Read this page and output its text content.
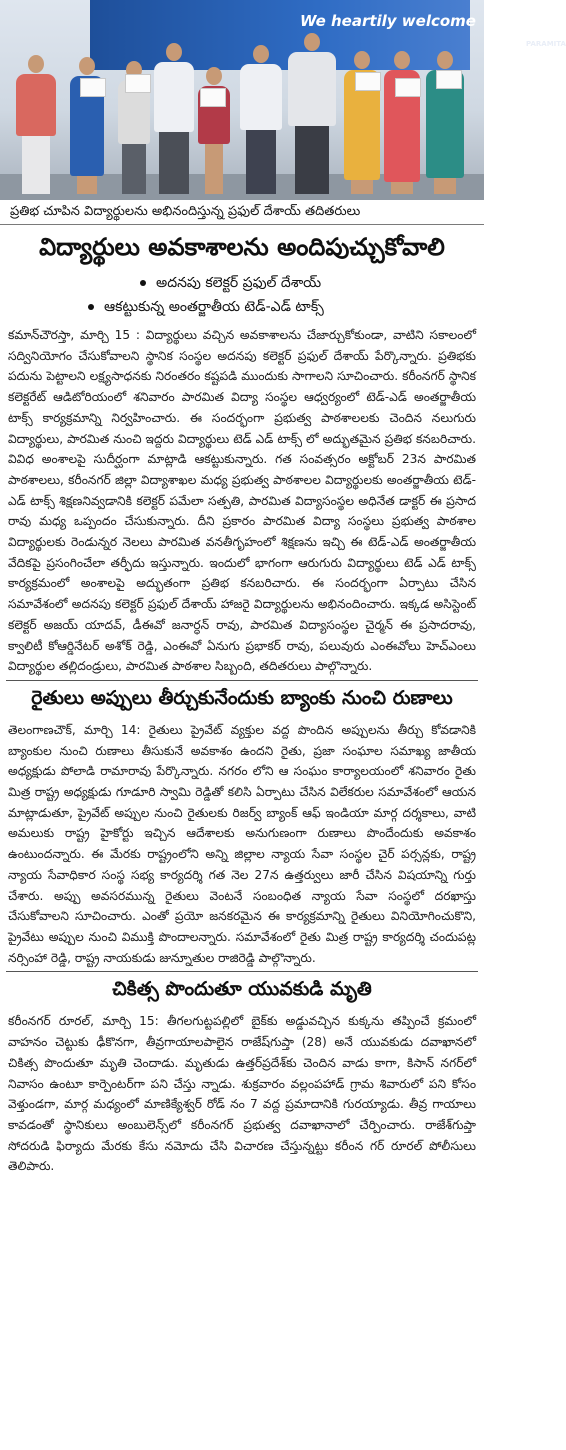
TEDx Talks
We heartily welcome
PARAMITA
ప్రతిభ చూపిన విద్యార్థులను అభినందిస్తున్న ప్రఫుల్ దేశాయ్ తదితరులు
విద్యార్థులు అవకాశాలను అందిపుచ్చుకోవాలి
అదనపు కలెక్టర్ ప్రఫుల్ దేశాయ్
ఆకట్టుకున్న అంతర్జాతీయ టెడ్-ఎడ్ టాక్స్
కమాన్‌చౌరస్తా, మార్చి 15 : విద్యార్థులు వచ్చిన అవకాశాలను చేజార్చుకోకుండా, వాటిని సకాలంలో సద్వినియోగం చేసుకోవాలని స్థానిక సంస్థల అదనపు కలెక్టర్ ప్రఫుల్ దేశాయ్ పేర్కొన్నారు. ప్రతిభకు పదును పెట్టాలని లక్ష్యసాధనకు నిరంతరం కష్టపడి ముందుకు సాగాలని సూచించారు. కరీంనగర్ స్థానిక కలెక్టరేట్ ఆడిటోరియంలో శనివారం పారమిత విద్యా సంస్థల ఆధ్వర్యంలో టెడ్-ఎడ్ అంతర్జాతీయ టాక్స్ కార్యక్రమాన్ని నిర్వహించారు. ఈ సందర్భంగా ప్రభుత్వ పాఠశాలలకు చెందిన నలుగురు విద్యార్థులు, పారమిత నుంచి ఇద్దరు విద్యార్థులు టెడ్ ఎడ్ టాక్స్ లో అద్భుతమైన ప్రతిభ కనబరిచారు. వివిధ అంశాలపై సుదీర్ఘంగా మాట్లాడి ఆకట్టుకున్నారు. గత సంవత్సరం అక్టోబర్ 23న పారమిత పాఠశాలలు, కరీంనగర్ జిల్లా విద్యాశాఖల మధ్య ప్రభుత్వ పాఠశాలల విద్యార్థులకు అంతర్జాతీయ టెడ్-ఎడ్ టాక్స్ శిక్షణనివ్వడానికి కలెక్టర్ పమేలా సత్పతి, పారమిత విద్యాసంస్థల అధినేత డాక్టర్ ఈ ప్రసాద రావు మధ్య ఒప్పందం చేసుకున్నారు. దీని ప్రకారం పారమిత విద్యా సంస్థలు ప్రభుత్వ పాఠశాల విద్యార్థులకు రెండున్నర నెలలు పారమిత వనతీగృహంలో శిక్షణను ఇచ్చి ఈ టెడ్-ఎడ్ అంతర్జాతీయ వేదికపై ప్రసంగించేలా తర్ఫీదు ఇస్తున్నారు. ఇందులో భాగంగా ఆరుగురు విద్యార్థులు టెడ్ ఎడ్ టాక్స్ కార్యక్రమంలో అంశాలపై అద్భుతంగా ప్రతిభ కనబరిచారు. ఈ సందర్భంగా ఏర్పాటు చేసిన సమావేశంలో అదనపు కలెక్టర్ ప్రఫుల్ దేశాయ్ హాజరై విద్యార్థులను అభినందించారు. ఇక్కడ అసిస్టెంట్ కలెక్టర్ అజయ్ యాదవ్, డీఈవో జనార్ధన్ రావు, పారమిత విద్యాసంస్థల చైర్మన్ ఈ ప్రసాదరావు, క్వాలిటీ కోఆర్డినేటర్ అశోక్ రెడ్డి, ఎంఈవో ఏనుగు ప్రభాకర్ రావు, పలువురు ఎంఈవోలు హెచ్‌ఎంలు విద్యార్థుల తల్లిదండ్రులు, పారమిత పాఠశాల సిబ్బంది, తదితరులు పాల్గొన్నారు.
రైతులు అప్పులు తీర్చుకునేందుకు బ్యాంకు నుంచి రుణాలు
తెలంగాణచౌక్, మార్చి 14: రైతులు ప్రైవేట్ వ్యక్తుల వద్ద పొందిన అప్పులను తీర్చు కోవడానికి బ్యాంకుల నుంచి రుణాలు తీసుకునే అవకాశం ఉందని రైతు, ప్రజా సంఘాల సమాఖ్య జాతీయ అధ్యక్షుడు పోలాడి రామారావు పేర్కొన్నారు. నగరం లోని ఆ సంఘం కార్యాలయంలో శనివారం రైతు మిత్ర రాష్ట్ర అధ్యక్షుడు గూడూరి స్వామి రెడ్డితో కలిసి ఏర్పాటు చేసిన విలేకరుల సమావేశంలో ఆయన మాట్లాడుతూ, ప్రైవేట్ అప్పుల నుంచి రైతులకు రిజర్వ్ బ్యాంక్ ఆఫ్ ఇండియా మార్గ దర్శకాలు, వాటి అమలుకు రాష్ట్ర హైకోర్టు ఇచ్చిన ఆదేశాలకు అనుగుణంగా రుణాలు పొందేందుకు అవకాశం ఉంటుందన్నారు. ఈ మేరకు రాష్ట్రంలోని అన్ని జిల్లాల న్యాయ సేవా సంస్థల చైర్ పర్సన్లకు, రాష్ట్ర న్యాయ సేవాధికార సంస్థ సభ్య కార్యదర్శి గత నెల 27న ఉత్తర్వులు జారీ చేసిన విషయాన్ని గుర్తు చేశారు. అప్పు అవసరమున్న రైతులు వెంటనే సంబంధిత న్యాయ సేవా సంస్థలో దరఖాస్తు చేసుకోవాలని సూచించారు. ఎంతో ప్రయో జనకరమైన ఈ కార్యక్రమాన్ని రైతులు వినియోగించుకొని, ప్రైవేటు అప్పుల నుంచి విముక్తి పొందాలన్నారు. సమావేశంలో రైతు మిత్ర రాష్ట్ర కార్యదర్శి చందుపట్ల నర్సింహా రెడ్డి, రాష్ట్ర నాయకుడు జున్నూతుల రాజిరెడ్డి పాల్గొన్నారు.
చికిత్స పొందుతూ యువకుడి మృతి
కరీంనగర్ రూరల్, మార్చి 15: తీగలగుట్టపల్లిలో బైక్‌కు అడ్డువచ్చిన కుక్కను తప్పించే క్రమంలో వాహనం చెట్టుకు ఢీకొనగా, తీవ్రగాయాలపాలైన రాజేష్‌గుప్తా (28) అనే యువకుడు దవాఖానలో చికిత్స పొందుతూ మృతి చెందాడు. మృతుడు ఉత్తర్‌ప్రదేశ్‌కు చెందిన వాడు కాగా, కిసాన్ నగర్‌లో నివాసం ఉంటూ కార్పెంటర్‌గా పని చేస్తు న్నాడు. శుక్రవారం వల్లంపహాడ్ గ్రామ శివారులో పని కోసం వెళ్తుండగా, మార్గ మధ్యంలో మాణిక్యేశ్వర్ రోడ్ నం 7 వద్ద ప్రమాదానికి గురయ్యాడు. తీవ్ర గాయాలు కావడంతో స్థానికులు అంబులెన్స్‌లో కరీంనగర్ ప్రభుత్వ దవాఖానాలో చేర్పించారు. రాజేశ్‌గుప్తా సోదరుడి ఫిర్యాదు మేరకు కేసు నమోదు చేసి విచారణ చేస్తున్నట్టు కరీంన గర్ రూరల్ పోలీసులు తెలిపారు.
